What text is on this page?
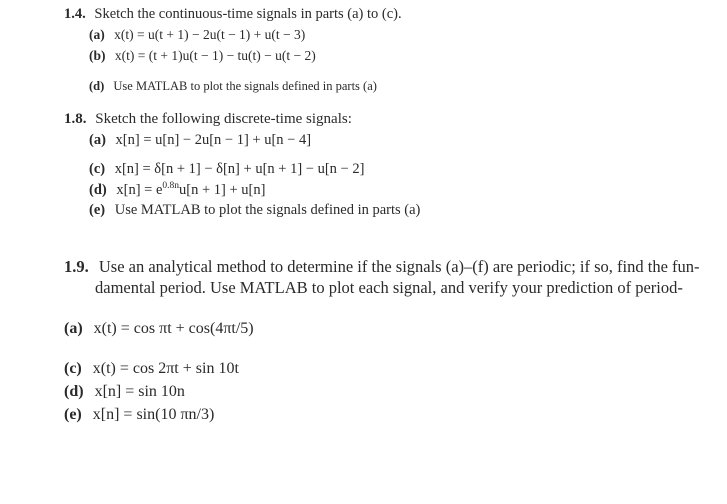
1.4. Sketch the continuous-time signals in parts (a) to (c).
(a) x(t) = u(t + 1) − 2u(t − 1) + u(t − 3)
(b) x(t) = (t + 1)u(t − 1) − tu(t) − u(t − 2)
(d) Use MATLAB to plot the signals defined in parts (a)
1.8. Sketch the following discrete-time signals:
(a) x[n] = u[n] − 2u[n − 1] + u[n − 4]
(c) x[n] = δ[n + 1] − δ[n] + u[n + 1] − u[n − 2]
(d) $x[n] = e^{0.8n}u[n + 1] + u[n]$
(e) Use MATLAB to plot the signals defined in parts (a)
1.9. Use an analytical method to determine if the signals (a)–(f) are periodic; if so, find the fun-
damental period. Use MATLAB to plot each signal, and verify your prediction of period-
(a) x(t) = cos πt + cos(4πt/5)
(c) x(t) = cos 2πt + sin 10t
(d) x[n] = sin 10n
(e) x[n] = sin(10 πn/3)
